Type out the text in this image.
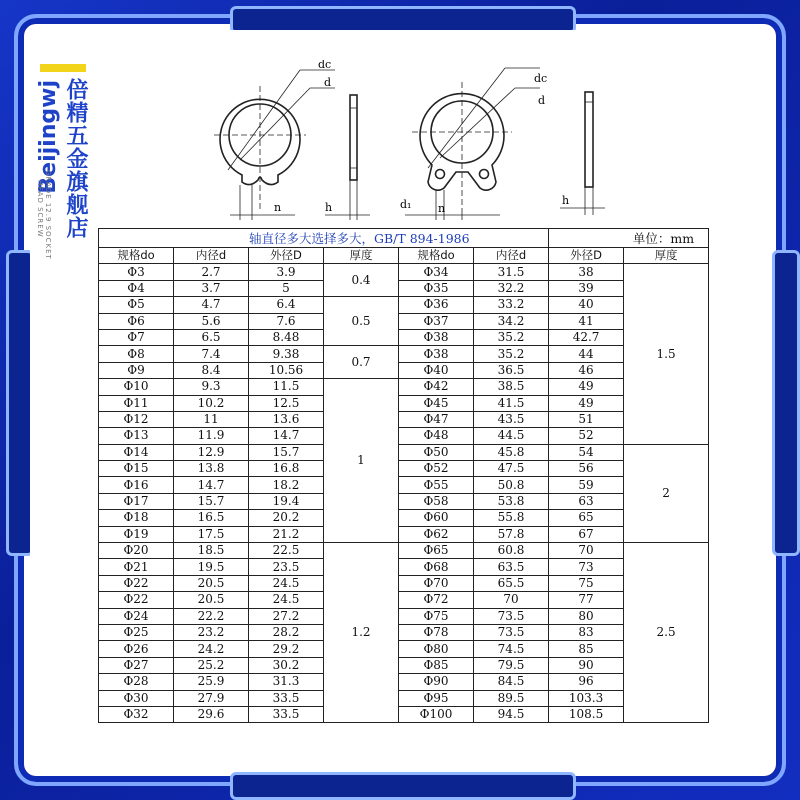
倍精五金旗舰店
Beijingwj
GRADE 12.9 SOCKET
HEAD SCREW
dc
d
n	h
dc
d
d₁ n
h
轴直径多大选择多大，GB/T 894-1986						单位：mm	
规格do	内径d	外径D	厚度	规格do	内径d	外径D	厚度
Φ3	2.7	3.9	0.4	Φ34	31.5	38	1.5
Φ4	3.7	5		Φ35	32.2	39	
Φ5	4.7	6.4	0.5	Φ36	33.2	40	
Φ6	5.6	7.6		Φ37	34.2	41	
Φ7	6.5	8.48		Φ38	35.2	42.7	
Φ8	7.4	9.38	0.7	Φ38	35.2	44	
Φ9	8.4	10.56		Φ40	36.5	46	
Φ10	9.3	11.5	1	Φ42	38.5	49	
Φ11	10.2	12.5		Φ45	41.5	49	
Φ12	11	13.6		Φ47	43.5	51	
Φ13	11.9	14.7		Φ48	44.5	52	
Φ14	12.9	15.7		Φ50	45.8	54	2
Φ15	13.8	16.8		Φ52	47.5	56	
Φ16	14.7	18.2		Φ55	50.8	59	
Φ17	15.7	19.4		Φ58	53.8	63	
Φ18	16.5	20.2		Φ60	55.8	65	
Φ19	17.5	21.2		Φ62	57.8	67	
Φ20	18.5	22.5	1.2	Φ65	60.8	70	2.5
Φ21	19.5	23.5		Φ68	63.5	73	
Φ22	20.5	24.5		Φ70	65.5	75	
Φ22	20.5	24.5		Φ72	70	77	
Φ24	22.2	27.2		Φ75	73.5	80	
Φ25	23.2	28.2		Φ78	73.5	83	
Φ26	24.2	29.2		Φ80	74.5	85	
Φ27	25.2	30.2		Φ85	79.5	90	
Φ28	25.9	31.3		Φ90	84.5	96	
Φ30	27.9	33.5		Φ95	89.5	103.3	
Φ32	29.6	33.5		Φ100	94.5	108.5	
